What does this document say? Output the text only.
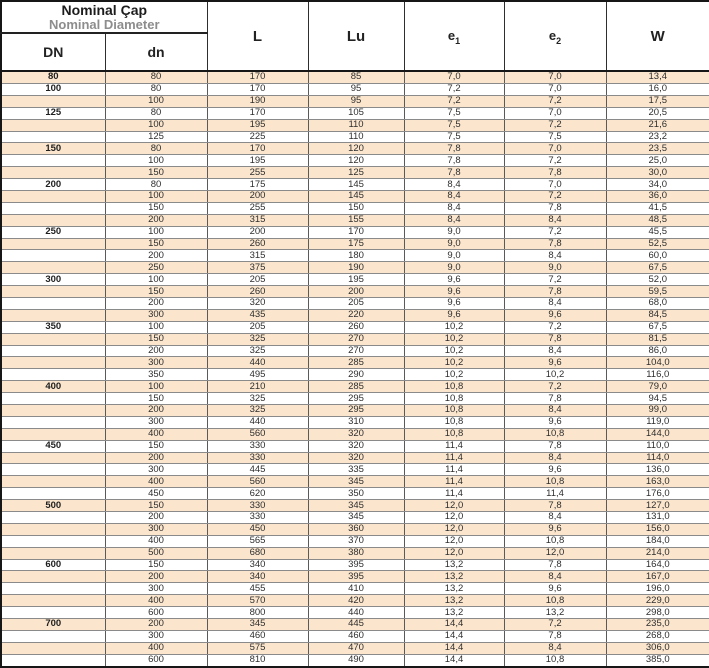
Nominal Çap
Nominal Diameter		L	Lu	$e_1$	$e_2$	W
DN	dn					
80	80	170	85	7,0	7,0	13,4
100	80	170	95	7,2	7,0	16,0
	100	190	95	7,2	7,2	17,5
125	80	170	105	7,5	7,0	20,5
	100	195	110	7,5	7,2	21,6
	125	225	110	7,5	7,5	23,2
150	80	170	120	7,8	7,0	23,5
	100	195	120	7,8	7,2	25,0
	150	255	125	7,8	7,8	30,0
200	80	175	145	8,4	7,0	34,0
	100	200	145	8,4	7,2	36,0
	150	255	150	8,4	7,8	41,5
	200	315	155	8,4	8,4	48,5
250	100	200	170	9,0	7,2	45,5
	150	260	175	9,0	7,8	52,5
	200	315	180	9,0	8,4	60,0
	250	375	190	9,0	9,0	67,5
300	100	205	195	9,6	7,2	52,0
	150	260	200	9,6	7,8	59,5
	200	320	205	9,6	8,4	68,0
	300	435	220	9,6	9,6	84,5
350	100	205	260	10,2	7,2	67,5
	150	325	270	10,2	7,8	81,5
	200	325	270	10,2	8,4	86,0
	300	440	285	10,2	9,6	104,0
	350	495	290	10,2	10,2	116,0
400	100	210	285	10,8	7,2	79,0
	150	325	295	10,8	7,8	94,5
	200	325	295	10,8	8,4	99,0
	300	440	310	10,8	9,6	119,0
	400	560	320	10,8	10,8	144,0
450	150	330	320	11,4	7,8	110,0
	200	330	320	11,4	8,4	114,0
	300	445	335	11,4	9,6	136,0
	400	560	345	11,4	10,8	163,0
	450	620	350	11,4	11,4	176,0
500	150	330	345	12,0	7,8	127,0
	200	330	345	12,0	8,4	131,0
	300	450	360	12,0	9,6	156,0
	400	565	370	12,0	10,8	184,0
	500	680	380	12,0	12,0	214,0
600	150	340	395	13,2	7,8	164,0
	200	340	395	13,2	8,4	167,0
	300	455	410	13,2	9,6	196,0
	400	570	420	13,2	10,8	229,0
	600	800	440	13,2	13,2	298,0
700	200	345	445	14,4	7,2	235,0
	300	460	460	14,4	7,8	268,0
	400	575	470	14,4	8,4	306,0
	600	810	490	14,4	10,8	385,0
